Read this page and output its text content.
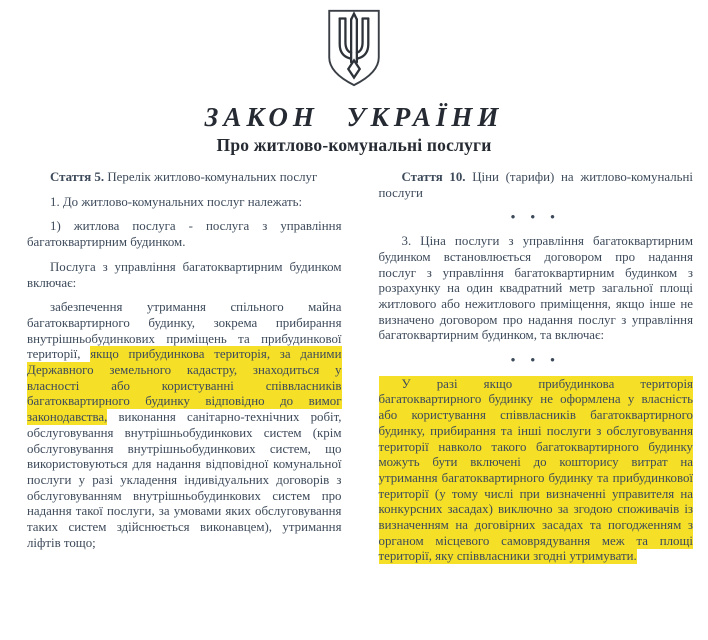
ЗАКОН УКРАЇНИ
Про житлово-комунальні послуги

Стаття 5. Перелік житлово-комунальних послуг

1. До житлово-комунальних послуг належать:

1) житлова послуга - послуга з управління багатоквартирним будинком.

Послуга з управління багатоквартирним будинком включає:

забезпечення утримання спільного майна багатоквартирного будинку, зокрема прибирання внутрішньобудинкових приміщень та прибудинкової території, якщо прибудинкова територія, за даними Державного земельного кадастру, знаходиться у власності або користуванні співвласників багатоквартирного будинку відповідно до вимог законодавства, виконання санітарно-технічних робіт, обслуговування внутрішньобудинкових систем (крім обслуговування внутрішньобудинкових систем, що використовуються для надання відповідної комунальної послуги у разі укладення індивідуальних договорів з обслуговуванням внутрішньобудинкових систем про надання такої послуги, за умовами яких обслуговування таких систем здійснюється виконавцем), утримання ліфтів тощо;

Стаття 10. Ціни (тарифи) на житлово-комунальні послуги

• • •

3. Ціна послуги з управління багатоквартирним будинком встановлюється договором про надання послуг з управління багатоквартирним будинком з розрахунку на один квадратний метр загальної площі житлового або нежитлового приміщення, якщо інше не визначено договором про надання послуг з управління багатоквартирним будинком, та включає:

• • •

У разі якщо прибудинкова територія багатоквартирного будинку не оформлена у власність або користування співвласників багатоквартирного будинку, прибирання та інші послуги з обслуговування території навколо такого багатоквартирного будинку можуть бути включені до кошторису витрат на утримання багатоквартирного будинку та прибудинкової території (у тому числі при визначенні управителя на конкурсних засадах) виключно за згодою споживачів із визначенням на договірних засадах та погодженням з органом місцевого самоврядування меж та площі території, яку співвласники згодні утримувати.
